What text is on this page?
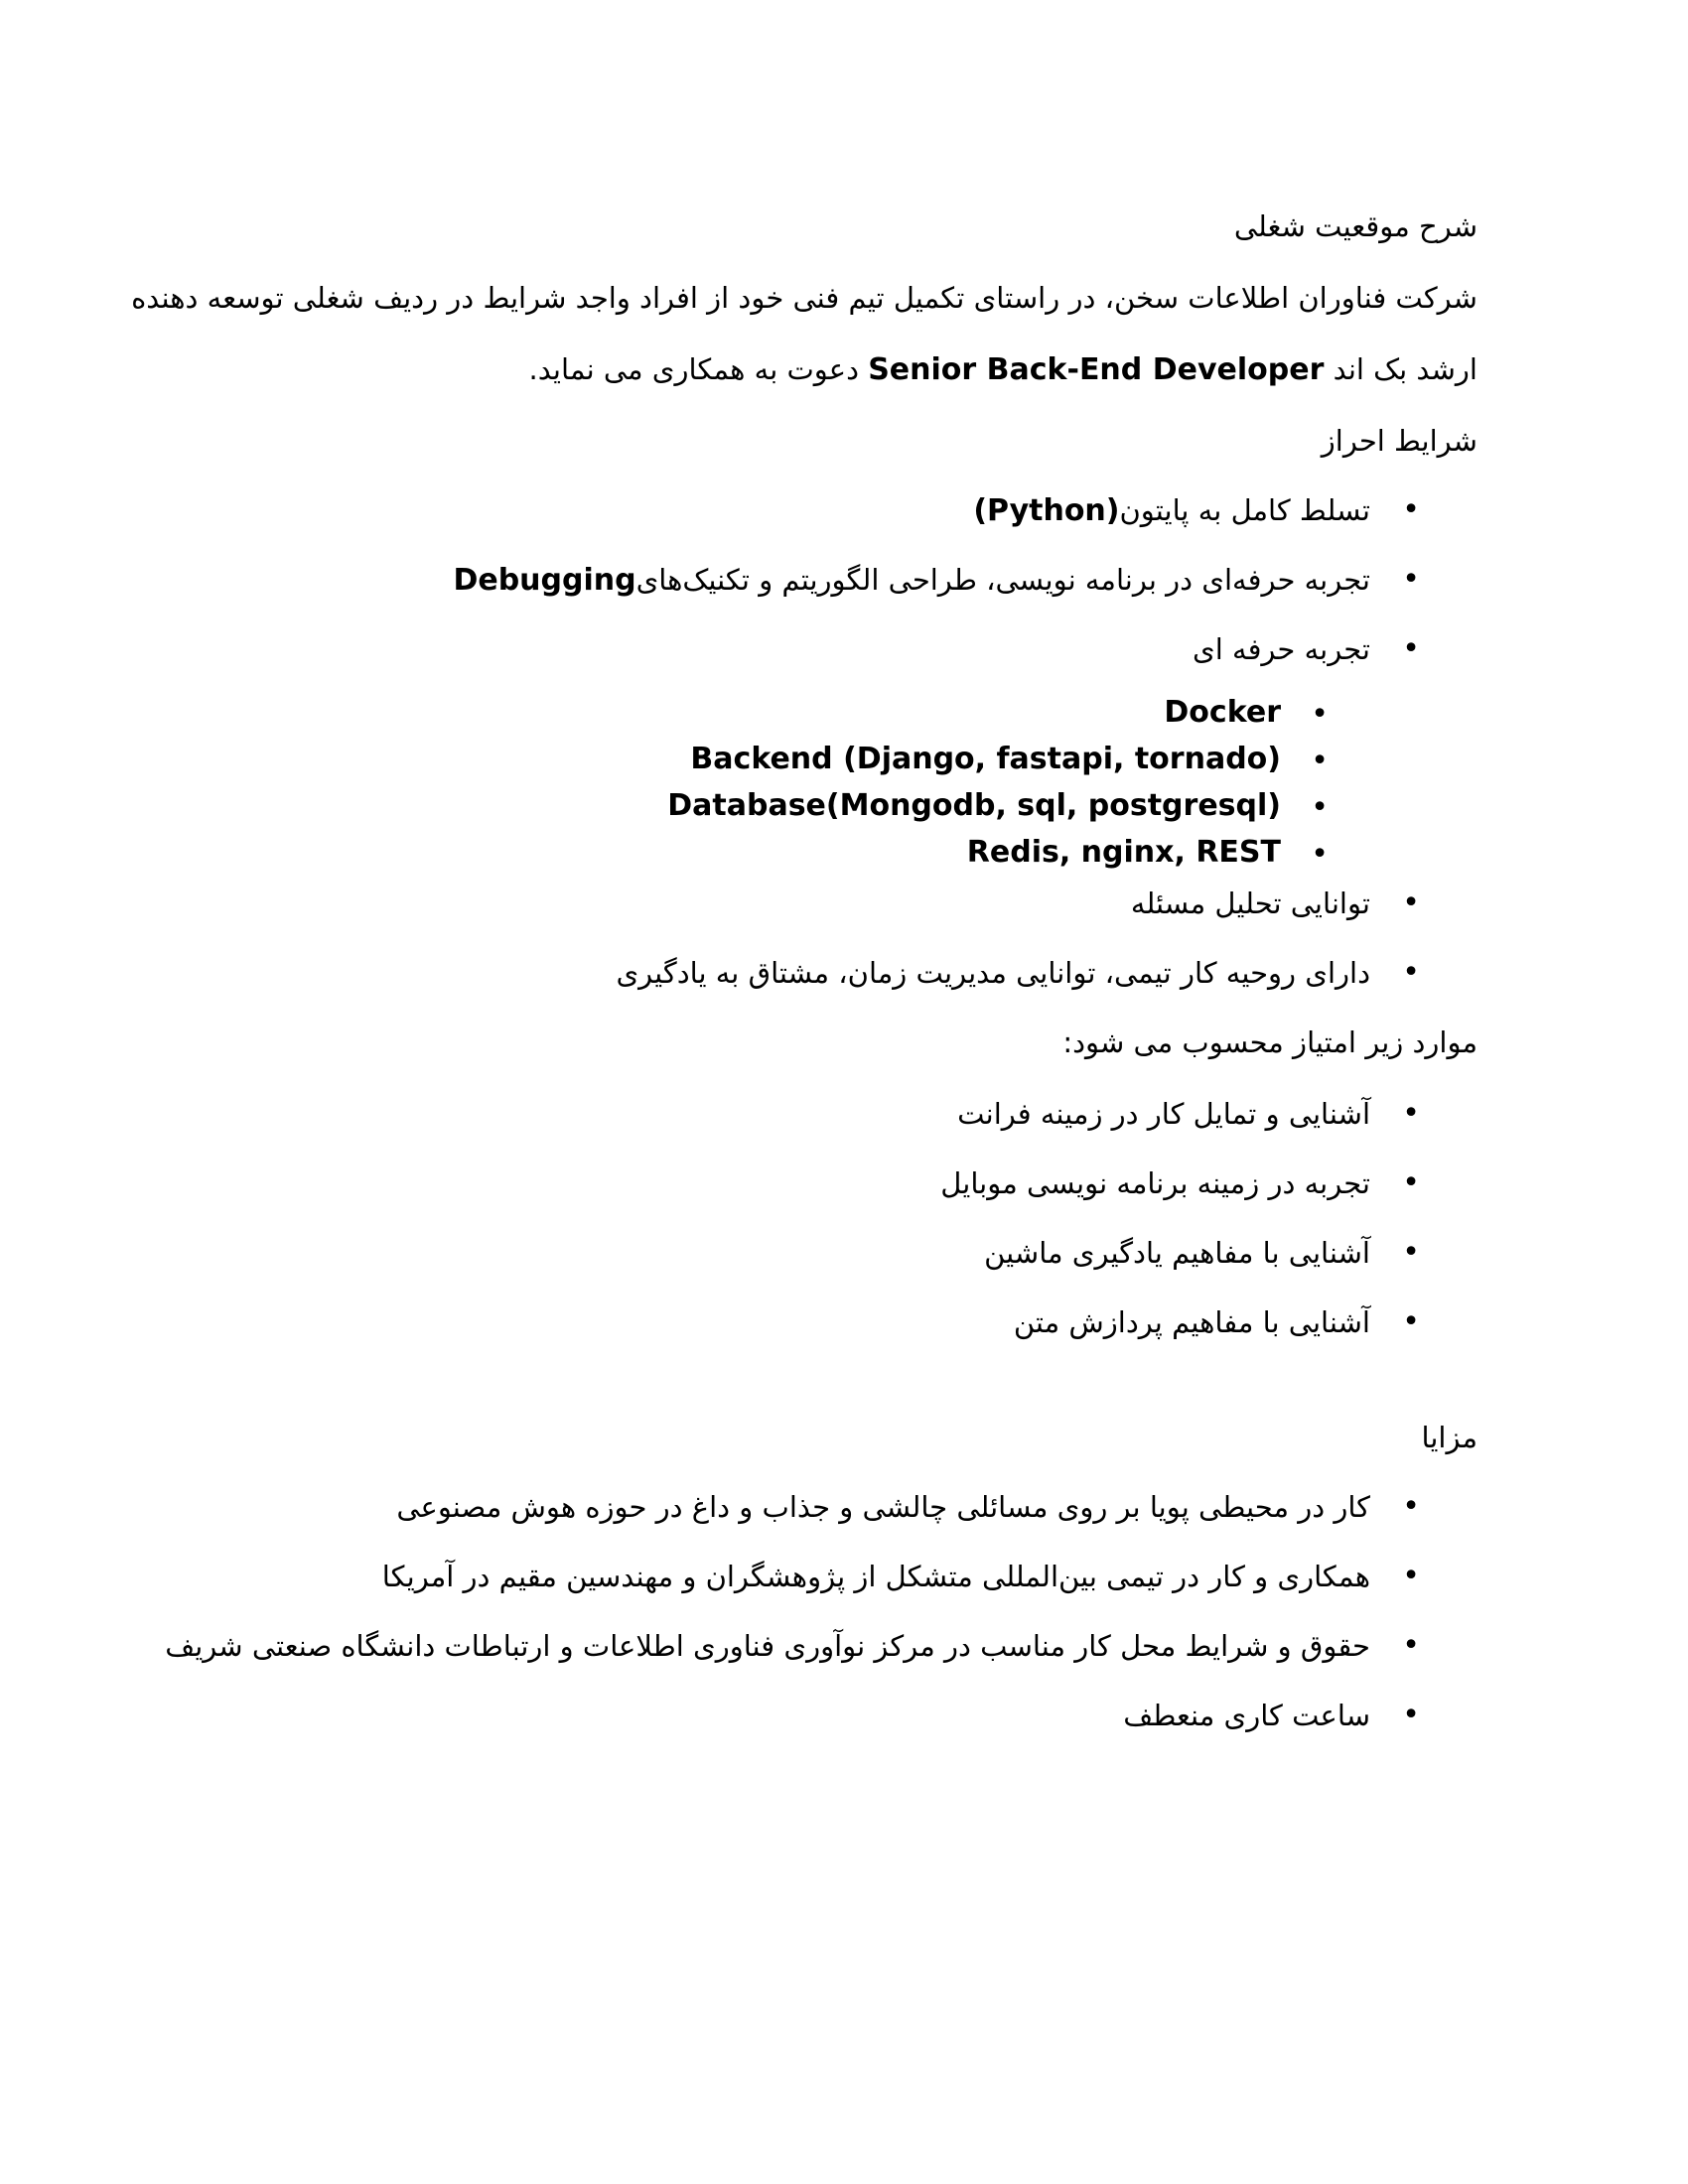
شرح موقعیت شغلی
شرکت فناوران اطلاعات سخن، در راستای تکمیل تیم فنی خود از افراد واجد شرایط در ردیف شغلی توسعه دهنده
ارشد بک اند Senior Back-End Developer دعوت به همکاری می نماید.
شرایط احراز
•
تسلط کامل به پایتون(Python)
•
تجربه حرفه‌ای در برنامه نویسی، طراحی الگوریتم و تکنیک‌هایDebugging
•
تجربه حرفه ای
•
Docker
•
Backend (Django, fastapi, tornado)
•
Database(Mongodb, sql, postgresql)
•
Redis, nginx, REST
•
توانایی تحلیل مسئله
•
دارای روحیه کار تیمی، توانایی مدیریت زمان، مشتاق به یادگیری
موارد زیر امتیاز محسوب می شود:
•
آشنایی و تمایل کار در زمینه فرانت
•
تجربه در زمینه برنامه نویسی موبایل
•
آشنایی با مفاهیم یادگیری ماشین
•
آشنایی با مفاهیم پردازش متن
مزایا
•
کار در محیطی پویا بر روی مسائلی چالشی و جذاب و داغ در حوزه هوش مصنوعی
•
همکاری و کار در تیمی بین‌المللی متشکل از پژوهشگران و مهندسین مقیم در آمریکا
•
حقوق و شرایط محل کار مناسب در مرکز نوآوری فناوری اطلاعات و ارتباطات دانشگاه صنعتی شریف
•
ساعت کاری منعطف
